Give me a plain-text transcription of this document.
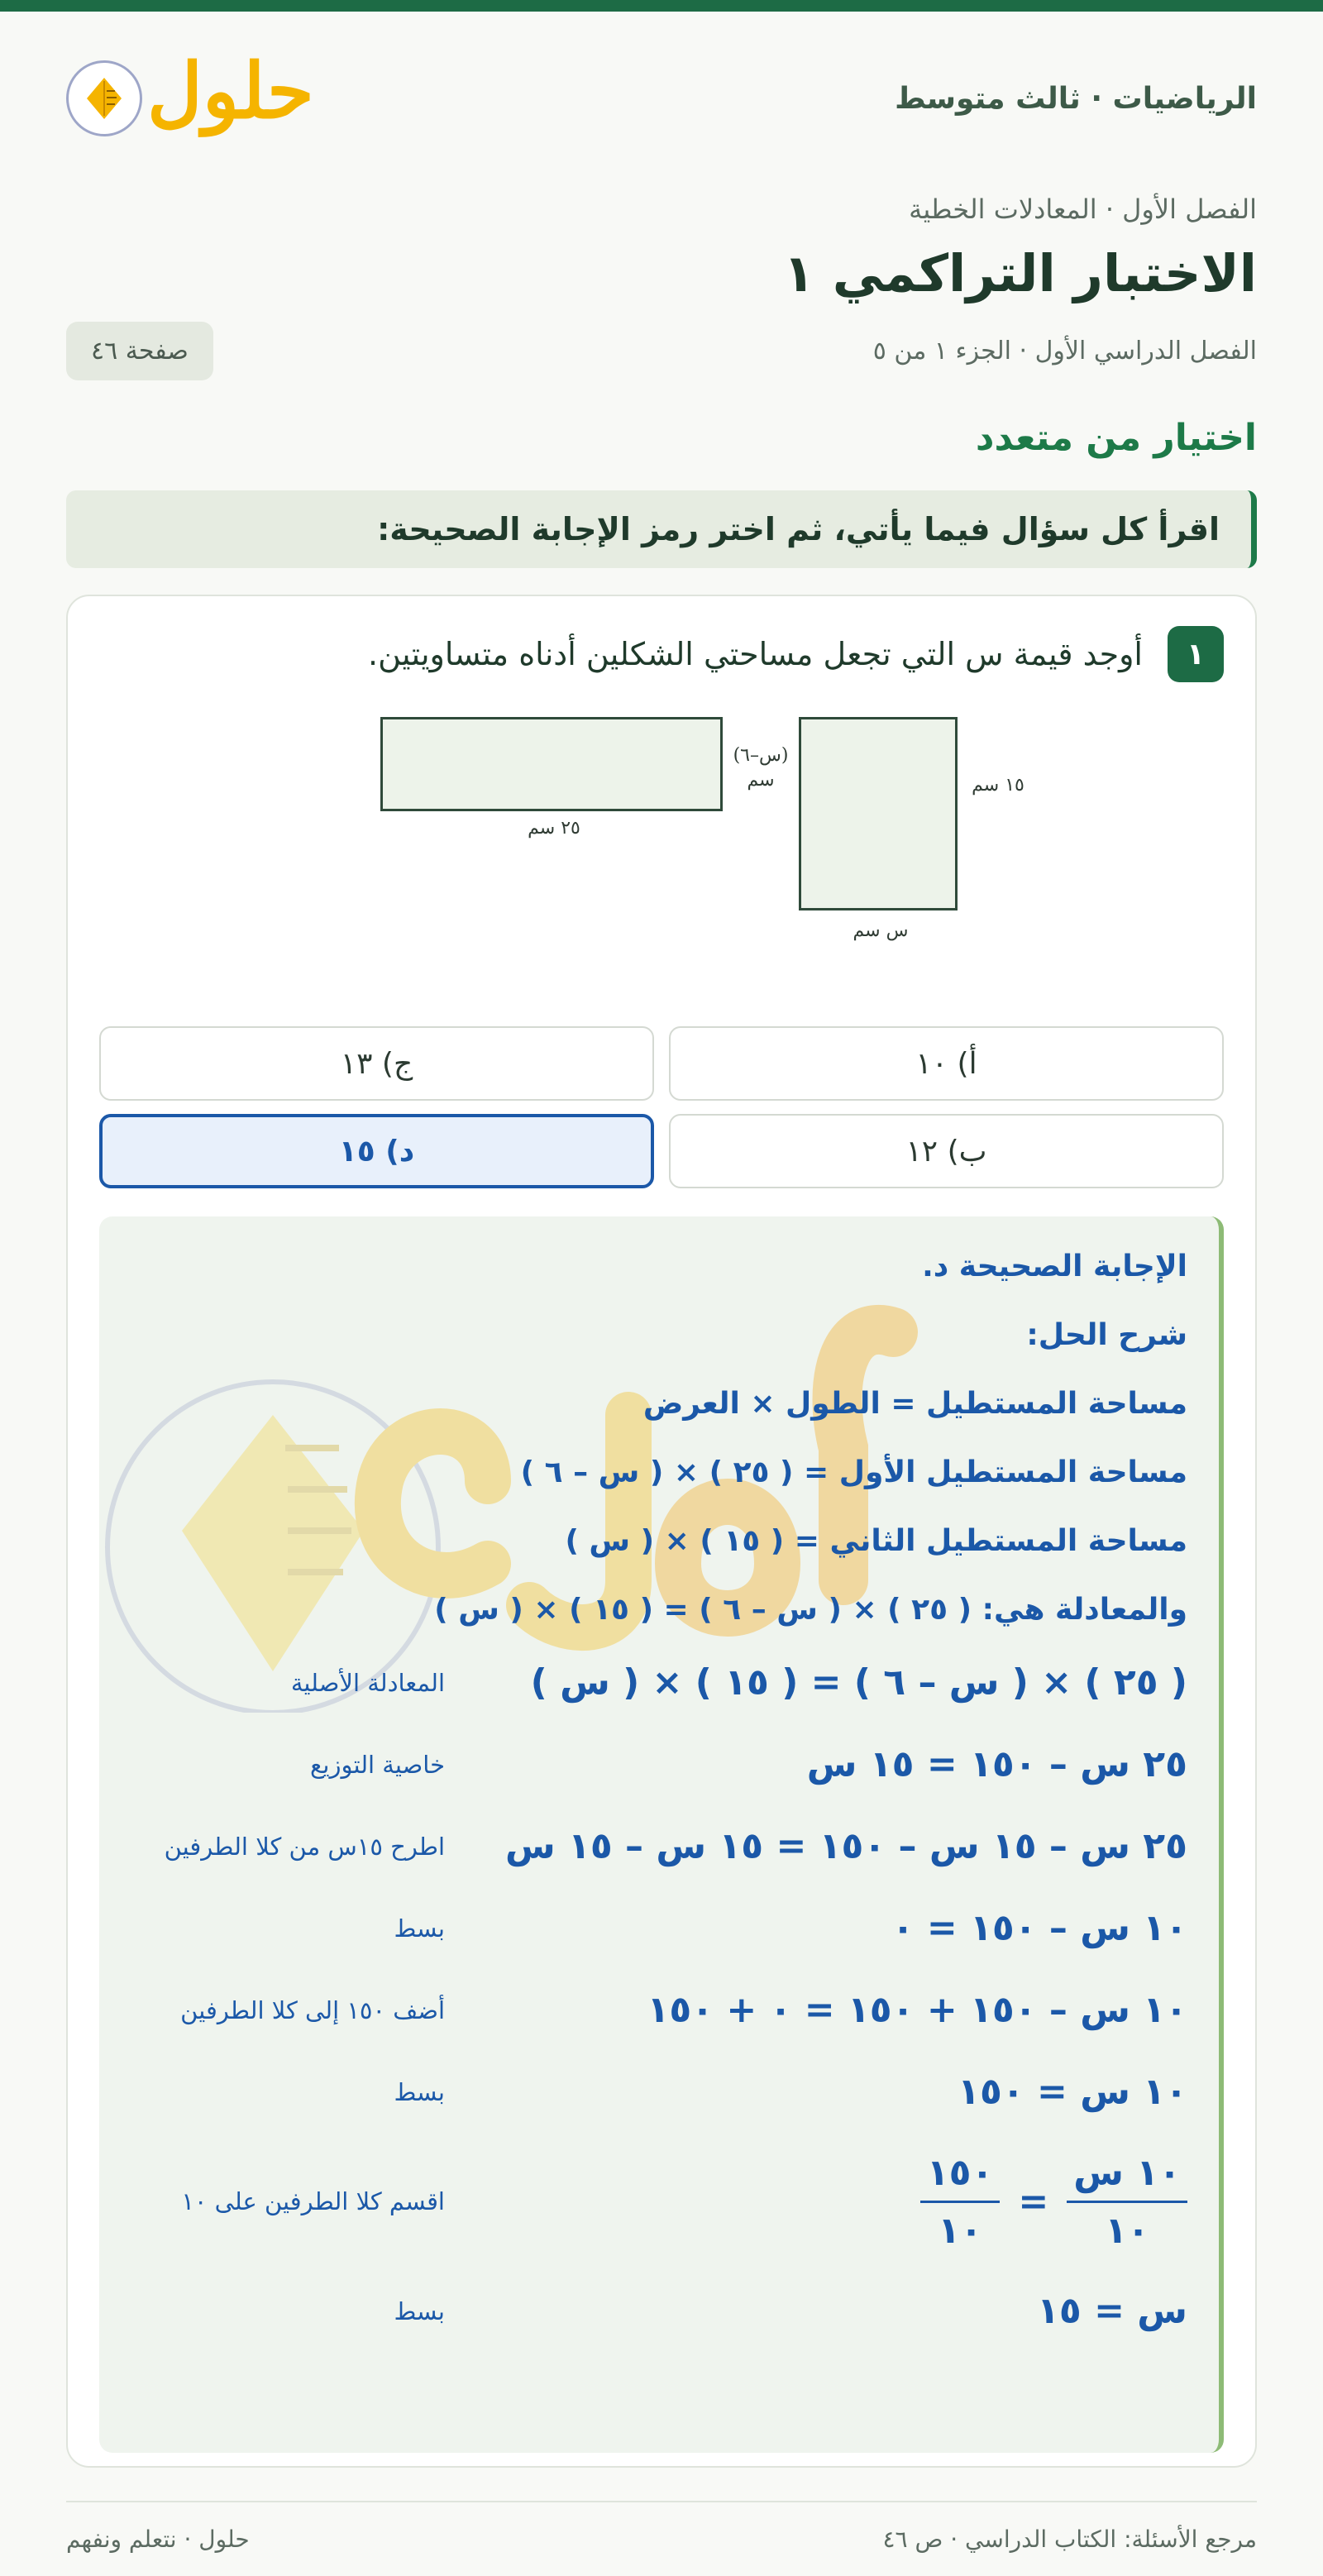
الرياضيات · ثالث متوسط
حلول
الفصل الأول · المعادلات الخطية
الاختبار التراكمي ١
الفصل الدراسي الأول · الجزء ١ من ٥
صفحة ٤٦
اختيار من متعدد
اقرأ كل سؤال فيما يأتي، ثم اختر رمز الإجابة الصحيحة:
١
أوجد قيمة س التي تجعل مساحتي الشكلين أدناه متساويتين.
١٥ سم
س سم
(س–٦)
سم
٢٥ سم
أ) ١٠
ج) ١٣
ب) ١٢
د) ١٥
الإجابة الصحيحة د.
شرح الحل:
مساحة المستطيل = الطول × العرض
مساحة المستطيل الأول = ( ٢٥ ) × ( س – ٦ )
مساحة المستطيل الثاني = ( ١٥ ) × ( س )
والمعادلة هي: ( ٢٥ ) × ( س – ٦ ) = ( ١٥ ) × ( س )
( ٢٥ ) × ( س – ٦ ) = ( ١٥ ) × ( س )
المعادلة الأصلية
٢٥ س – ١٥٠ = ١٥ س
خاصية التوزيع
٢٥ س – ١٥ س – ١٥٠ = ١٥ س – ١٥ س
اطرح ١٥س من كلا الطرفين
١٠ س – ١٥٠ = ٠
بسط
١٠ س – ١٥٠ + ١٥٠ = ٠ + ١٥٠
أضف ١٥٠ إلى كلا الطرفين
١٠ س = ١٥٠
بسط
$\frac{\text{١٠ س}}{١٠}$
=
$\frac{١٥٠}{١٠}$
اقسم كلا الطرفين على ١٠
س = ١٥
بسط
مرجع الأسئلة: الكتاب الدراسي · ص ٤٦
حلول · نتعلم ونفهم
